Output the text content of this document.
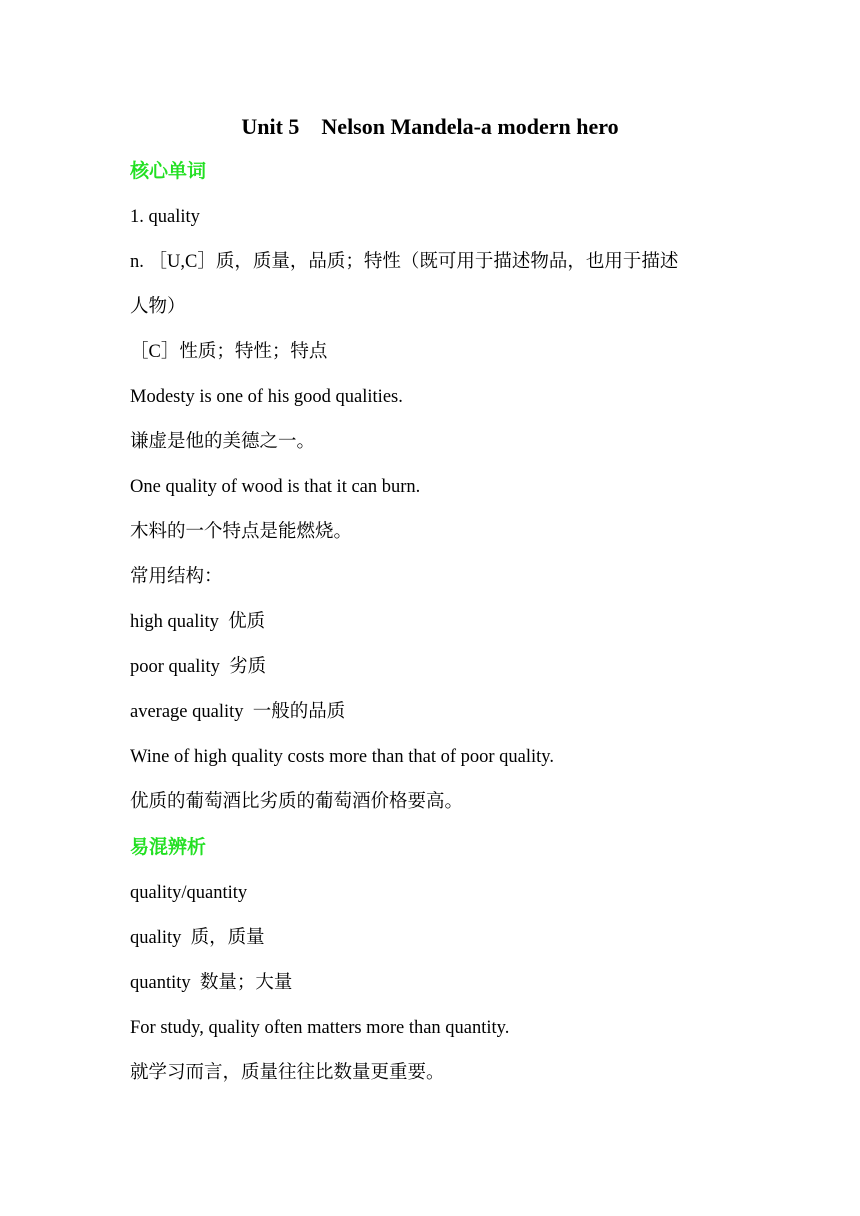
Unit 5    Nelson Mandela-a modern hero
核心单词
1. quality
n. ［U,C］质，质量，品质；特性（既可用于描述物品，也用于描述
人物）
［C］性质；特性；特点
Modesty is one of his good qualities.
谦虚是他的美德之一。
One quality of wood is that it can burn.
木料的一个特点是能燃烧。
常用结构：
high quality  优质
poor quality  劣质
average quality  一般的品质
Wine of high quality costs more than that of poor quality.
优质的葡萄酒比劣质的葡萄酒价格要高。
易混辨析
quality/quantity
quality  质，质量
quantity  数量；大量
For study, quality often matters more than quantity.
就学习而言，质量往往比数量更重要。
